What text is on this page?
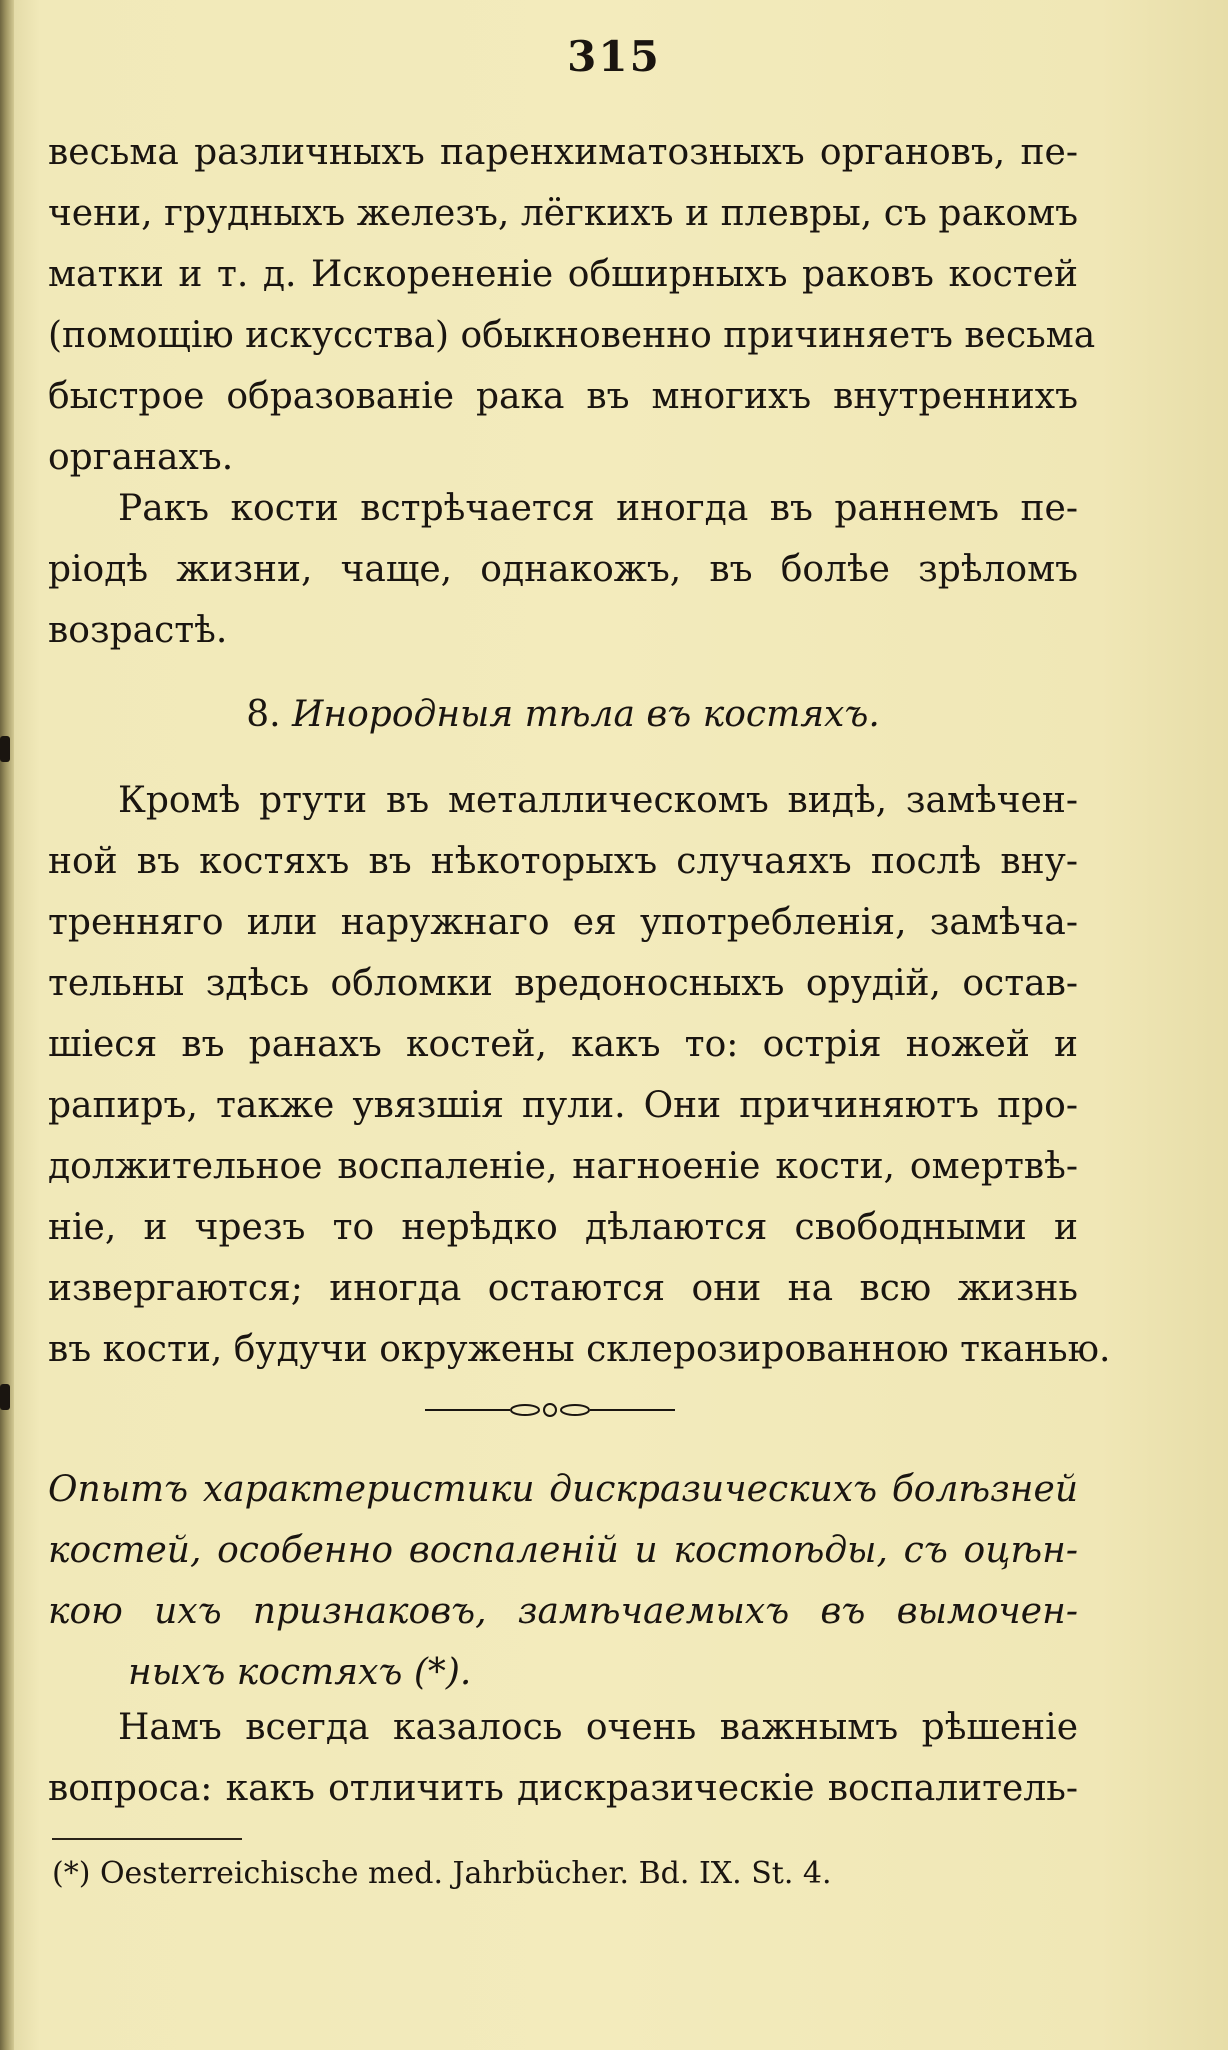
315
весьма различныхъ паренхиматозныхъ органовъ, пе-
чени, грудныхъ железъ, лёгкихъ и плевры, съ ракомъ
матки и т. д. Искорененіе обширныхъ раковъ костей
(помощію искусства) обыкновенно причиняетъ весьма
быстрое образованіе рака въ многихъ внутреннихъ
органахъ.
Ракъ кости встрѣчается иногда въ раннемъ пе-
ріодѣ жизни, чаще, однакожъ, въ болѣе зрѣломъ
возрастѣ.
8. Инородныя тѣла въ костяхъ.
Кромѣ ртути въ металлическомъ видѣ, замѣчен-
ной въ костяхъ въ нѣкоторыхъ случаяхъ послѣ вну-
тренняго или наружнаго ея употребленія, замѣча-
тельны здѣсь обломки вредоносныхъ орудій, остав-
шіеся въ ранахъ костей, какъ то: острія ножей и
рапиръ, также увязшія пули. Они причиняютъ про-
должительное воспаленіе, нагноеніе кости, омертвѣ-
ніе, и чрезъ то нерѣдко дѣлаются свободными и
извергаются; иногда остаются они на всю жизнь
въ кости, будучи окружены склерозированною тканью.
Опытъ характеристики дискразическихъ болѣзней
костей, особенно воспаленій и костоѣды, съ оцѣн-
кою ихъ признаковъ, замѣчаемыхъ въ вымочен-
ныхъ костяхъ (*).
Намъ всегда казалось очень важнымъ рѣшеніе
вопроса: какъ отличить дискразическіе воспалитель-
(*) Oesterreichische med. Jahrbücher. Bd. IX. St. 4.
